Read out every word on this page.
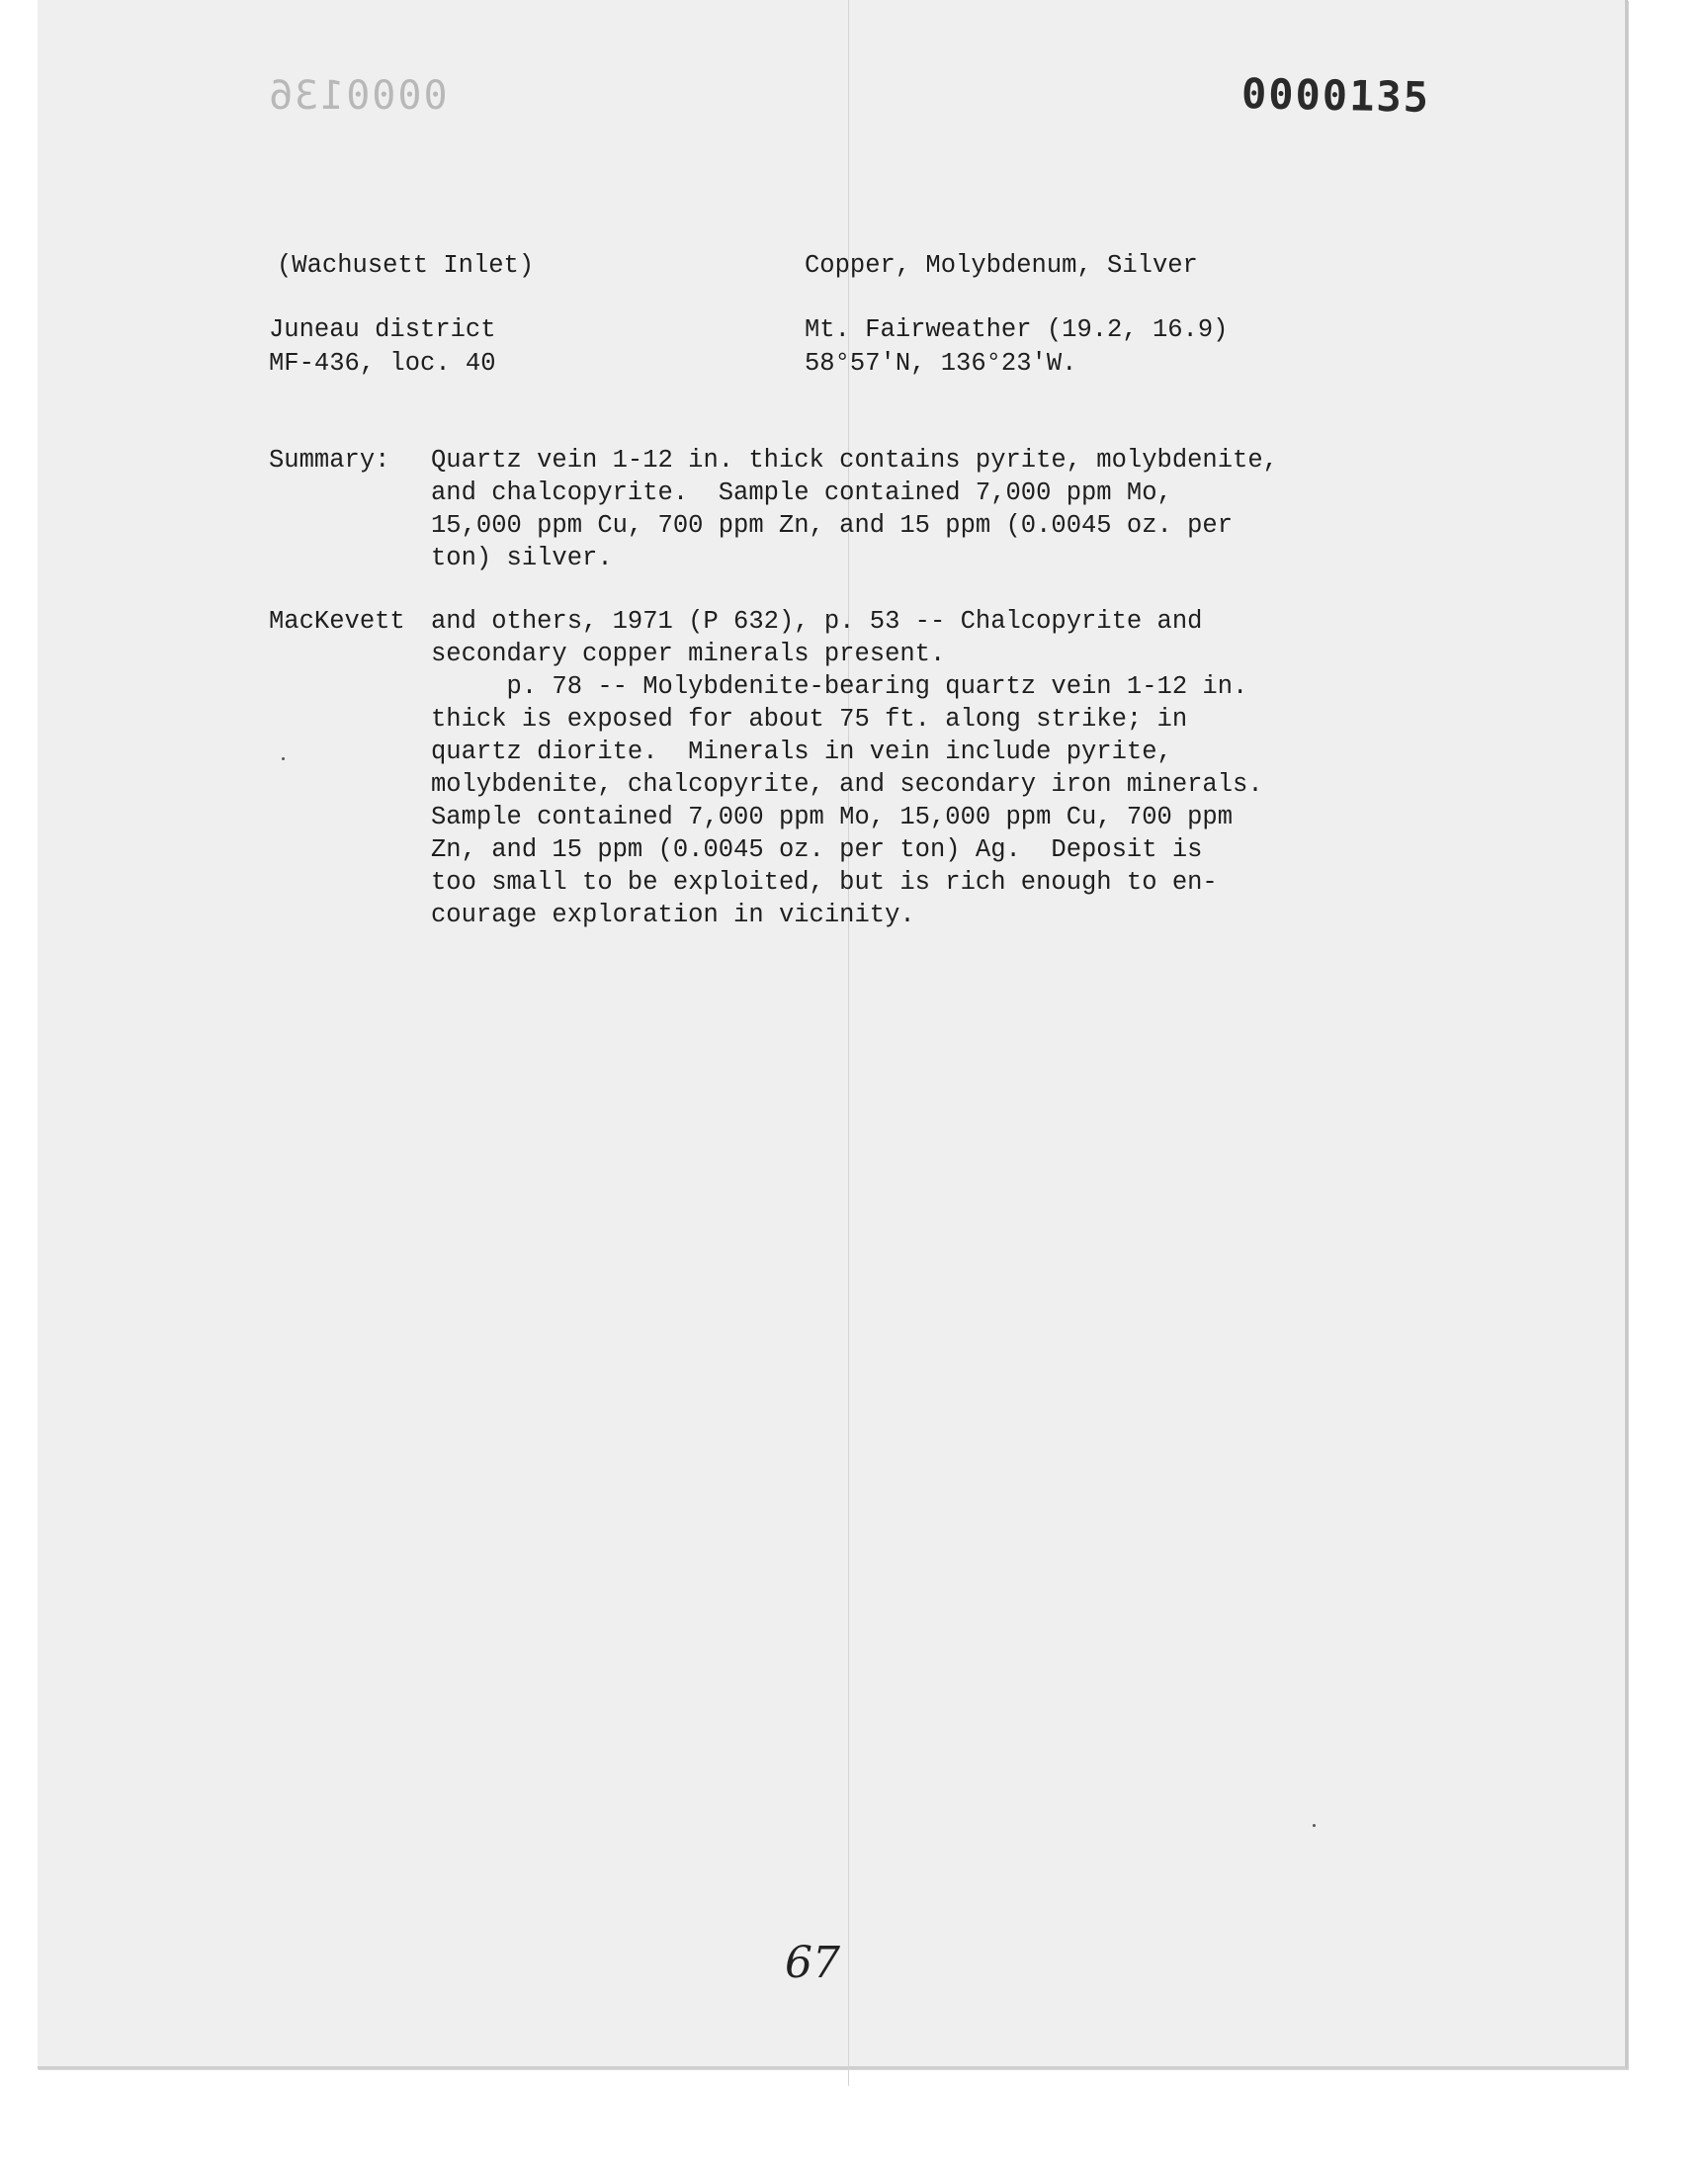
0000136	0000135
(Wachusett Inlet)	Copper, Molybdenum, Silver
Juneau district	Mt. Fairweather (19.2, 16.9)
MF-436, loc. 40	58°57'N, 136°23'W.
Summary: Quartz vein 1-12 in. thick contains pyrite, molybdenite,
and chalcopyrite.  Sample contained 7,000 ppm Mo,
15,000 ppm Cu, 700 ppm Zn, and 15 ppm (0.0045 oz. per
ton) silver.
MacKevett and others, 1971 (P 632), p. 53 -- Chalcopyrite and
secondary copper minerals present.
p. 78 -- Molybdenite-bearing quartz vein 1-12 in.
thick is exposed for about 75 ft. along strike; in
quartz diorite.  Minerals in vein include pyrite,
molybdenite, chalcopyrite, and secondary iron minerals.
Sample contained 7,000 ppm Mo, 15,000 ppm Cu, 700 ppm
Zn, and 15 ppm (0.0045 oz. per ton) Ag.  Deposit is
too small to be exploited, but is rich enough to en-
courage exploration in vicinity.
67
